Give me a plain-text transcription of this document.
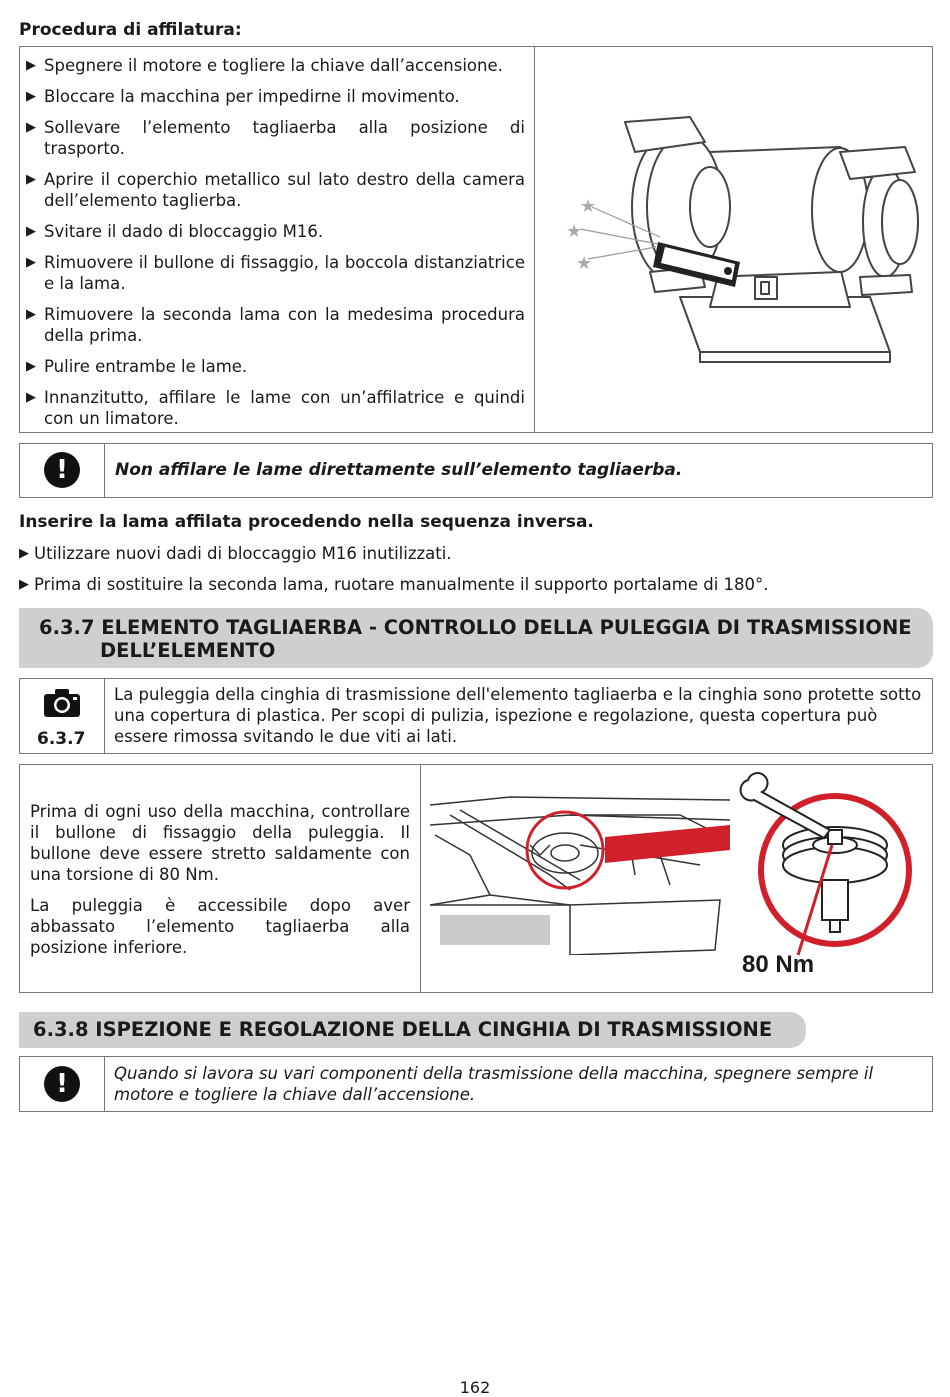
Procedura di affilatura:
▶ Spegnere il motore e togliere la chiave dall’accensione.
▶ Bloccare la macchina per impedirne il movimento.
▶ Sollevare l’elemento tagliaerba alla posizione di trasporto.
▶ Aprire il coperchio metallico sul lato destro della camera dell’elemento taglierba.
▶ Svitare il dado di bloccaggio M16.
▶ Rimuovere il bullone di fissaggio, la boccola distanziatrice e la lama.
▶ Rimuovere la seconda lama con la medesima procedura della prima.
▶ Pulire entrambe le lame.
▶ Innanzitutto, affilare le lame con un’affilatrice e quindi con un limatore.
★
★
★
!	Non affilare le lame direttamente sull’elemento tagliaerba.
Inserire la lama affilata procedendo nella sequenza inversa.
▶ Utilizzare nuovi dadi di bloccaggio M16 inutilizzati.
▶ Prima di sostituire la seconda lama, ruotare manualmente il supporto portalame di 180°.
6.3.7 ELEMENTO TAGLIAERBA - CONTROLLO DELLA PULEGGIA DI TRASMISSIONE
DELL’ELEMENTO
6.3.7
La puleggia della cinghia di trasmissione dell'elemento tagliaerba e la cinghia sono protette sotto una copertura di plastica. Per scopi di pulizia, ispezione e regolazione, questa copertura può essere rimossa svitando le due viti ai lati.
Prima di ogni uso della macchina, controllare il bullone di fissaggio della puleggia. Il bullone deve essere stretto saldamente con una torsione di 80 Nm.
La puleggia è accessibile dopo aver abbassato l’elemento tagliaerba alla posizione inferiore.
80 Nm
6.3.8 ISPEZIONE E REGOLAZIONE DELLA CINGHIA DI TRASMISSIONE
!	Quando si lavora su vari componenti della trasmissione della macchina, spegnere sempre il motore e togliere la chiave dall’accensione.
162
